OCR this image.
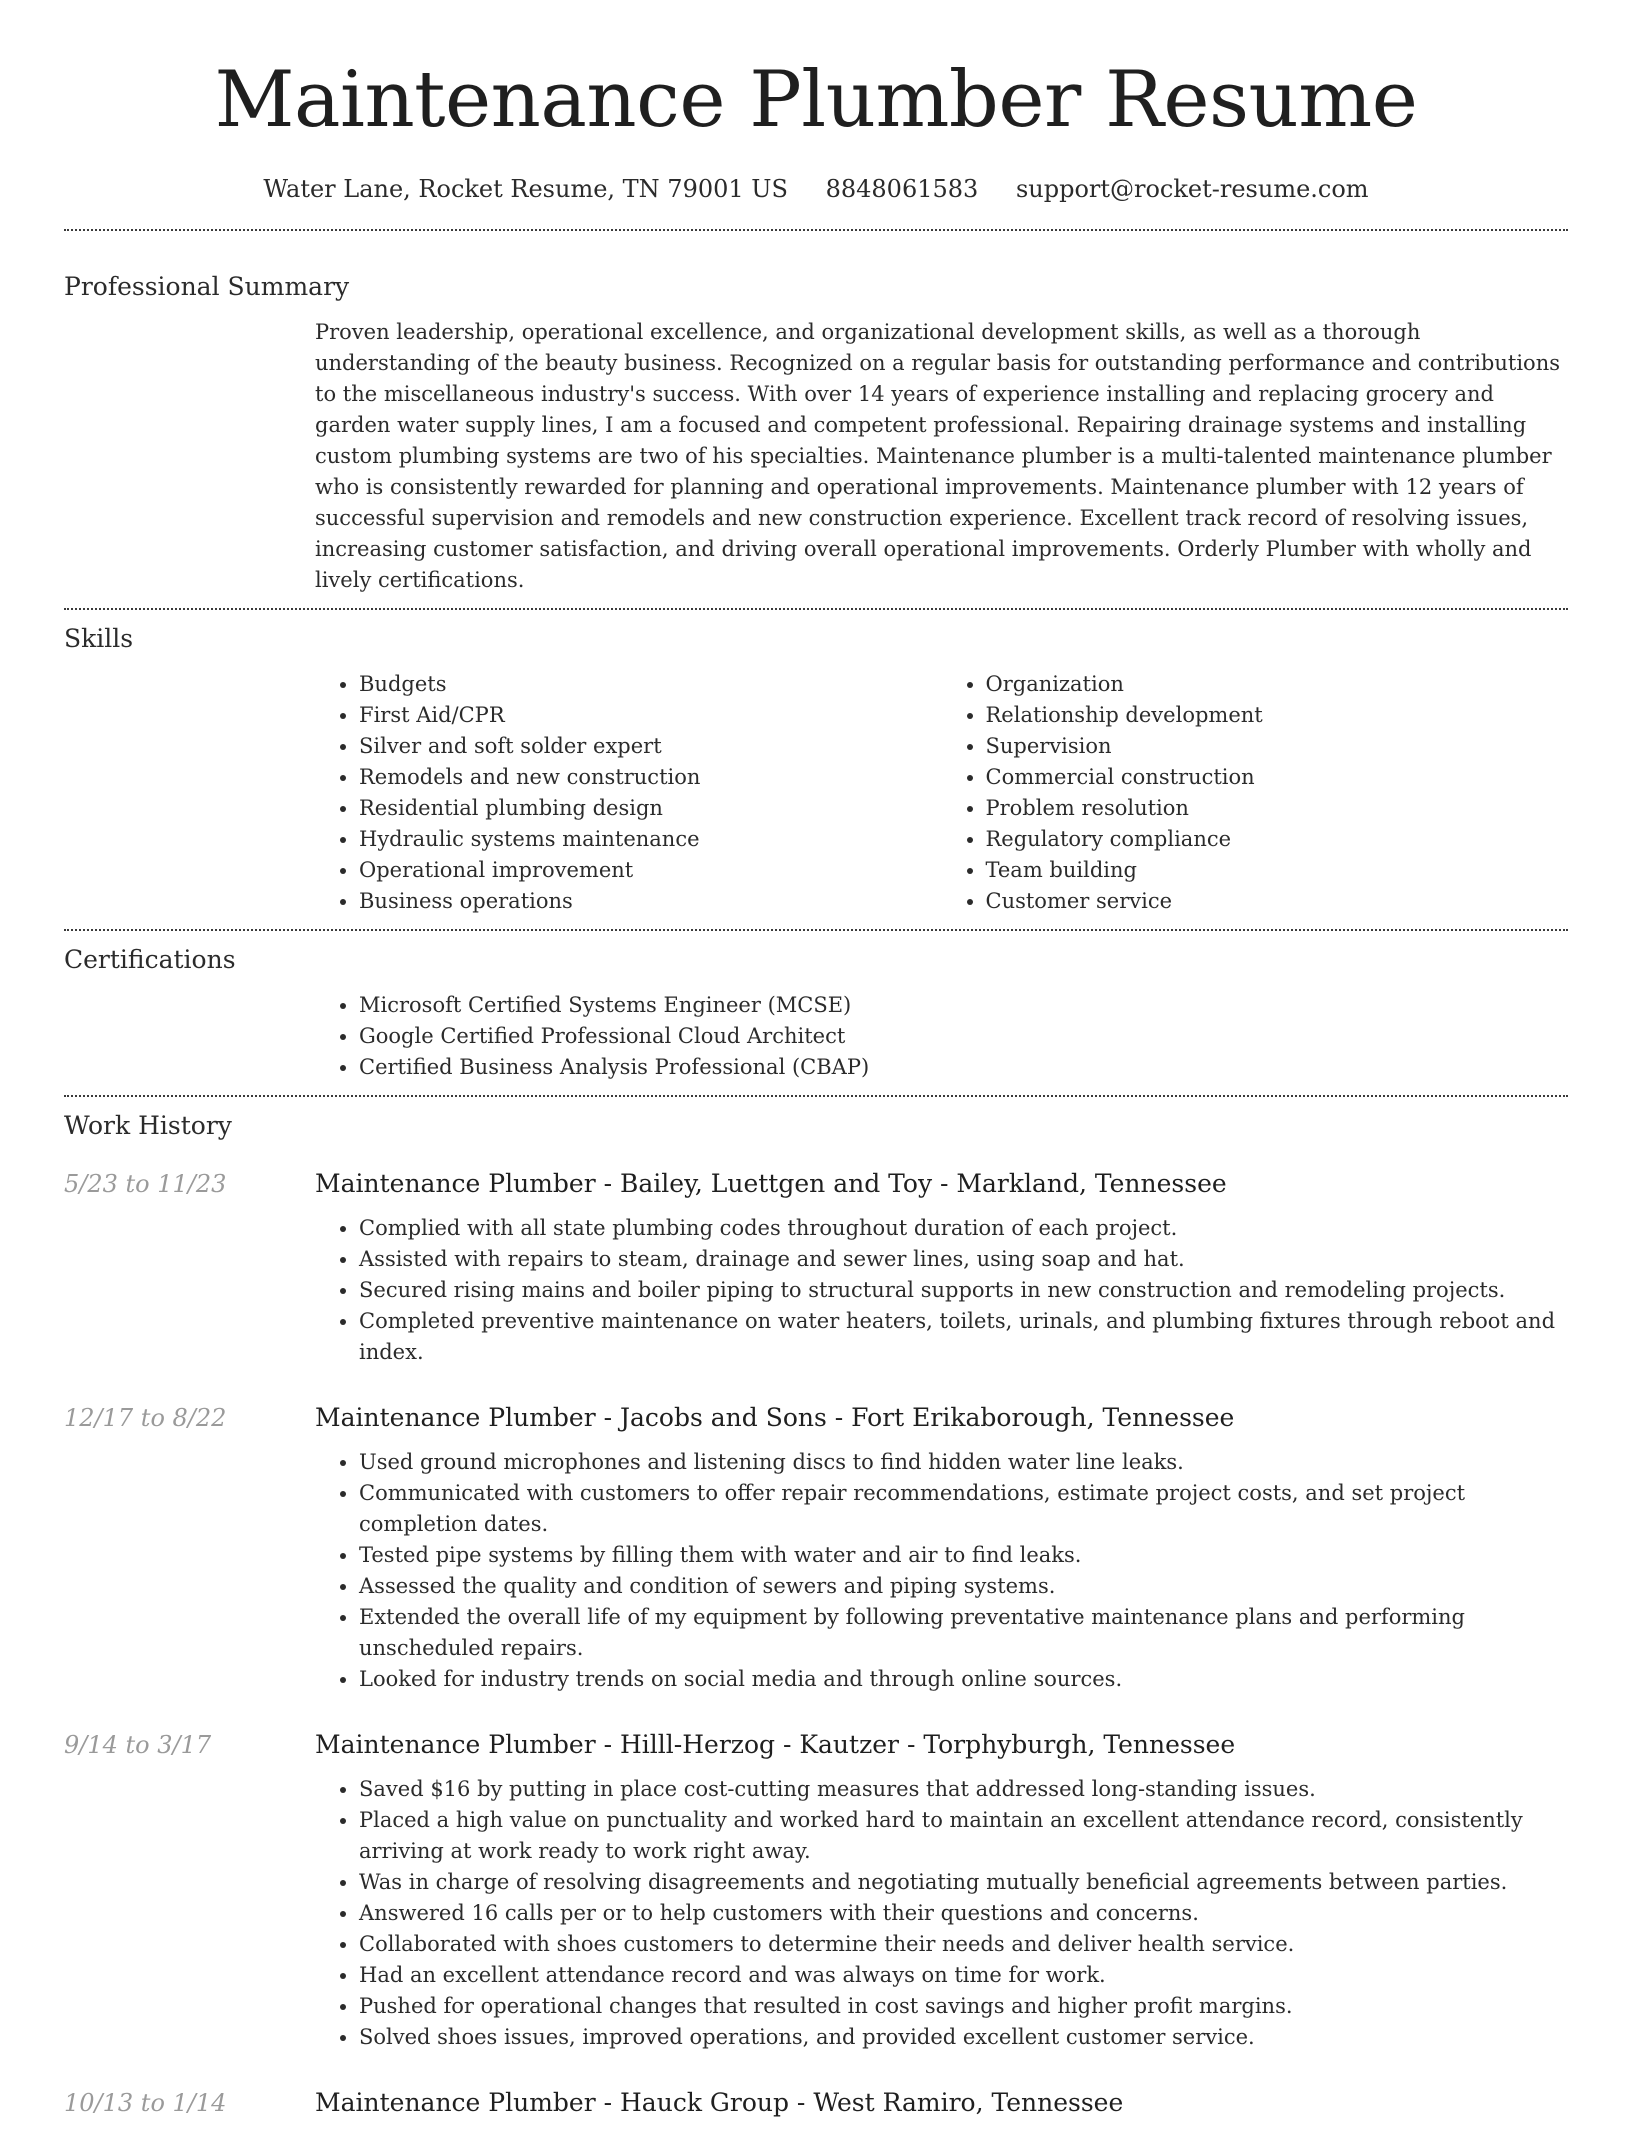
Maintenance Plumber Resume
Water Lane, Rocket Resume, TN 79001 US 8848061583 support@rocket-resume.com
Professional Summary
Proven leadership, operational excellence, and organizational development skills, as well as a thorough understanding of the beauty business. Recognized on a regular basis for outstanding performance and contributions to the miscellaneous industry's success. With over 14 years of experience installing and replacing grocery and garden water supply lines, I am a focused and competent professional. Repairing drainage systems and installing custom plumbing systems are two of his specialties. Maintenance plumber is a multi-talented maintenance plumber who is consistently rewarded for planning and operational improvements. Maintenance plumber with 12 years of successful supervision and remodels and new construction experience. Excellent track record of resolving issues, increasing customer satisfaction, and driving overall operational improvements. Orderly Plumber with wholly and lively certifications.
Skills
• Budgets
• First Aid/CPR
• Silver and soft solder expert
• Remodels and new construction
• Residential plumbing design
• Hydraulic systems maintenance
• Operational improvement
• Business operations
• Organization
• Relationship development
• Supervision
• Commercial construction
• Problem resolution
• Regulatory compliance
• Team building
• Customer service
Certifications
• Microsoft Certified Systems Engineer (MCSE)
• Google Certified Professional Cloud Architect
• Certified Business Analysis Professional (CBAP)
Work History
5/23 to 11/23	Maintenance Plumber - Bailey, Luettgen and Toy - Markland, Tennessee
• Complied with all state plumbing codes throughout duration of each project.
• Assisted with repairs to steam, drainage and sewer lines, using soap and hat.
• Secured rising mains and boiler piping to structural supports in new construction and remodeling projects.
• Completed preventive maintenance on water heaters, toilets, urinals, and plumbing fixtures through reboot and index.
12/17 to 8/22	Maintenance Plumber - Jacobs and Sons - Fort Erikaborough, Tennessee
• Used ground microphones and listening discs to find hidden water line leaks.
• Communicated with customers to offer repair recommendations, estimate project costs, and set project completion dates.
• Tested pipe systems by filling them with water and air to find leaks.
• Assessed the quality and condition of sewers and piping systems.
• Extended the overall life of my equipment by following preventative maintenance plans and performing unscheduled repairs.
• Looked for industry trends on social media and through online sources.
9/14 to 3/17	Maintenance Plumber - Hilll-Herzog - Kautzer - Torphyburgh, Tennessee
• Saved $16 by putting in place cost-cutting measures that addressed long-standing issues.
• Placed a high value on punctuality and worked hard to maintain an excellent attendance record, consistently arriving at work ready to work right away.
• Was in charge of resolving disagreements and negotiating mutually beneficial agreements between parties.
• Answered 16 calls per or to help customers with their questions and concerns.
• Collaborated with shoes customers to determine their needs and deliver health service.
• Had an excellent attendance record and was always on time for work.
• Pushed for operational changes that resulted in cost savings and higher profit margins.
• Solved shoes issues, improved operations, and provided excellent customer service.
10/13 to 1/14	Maintenance Plumber - Hauck Group - West Ramiro, Tennessee
